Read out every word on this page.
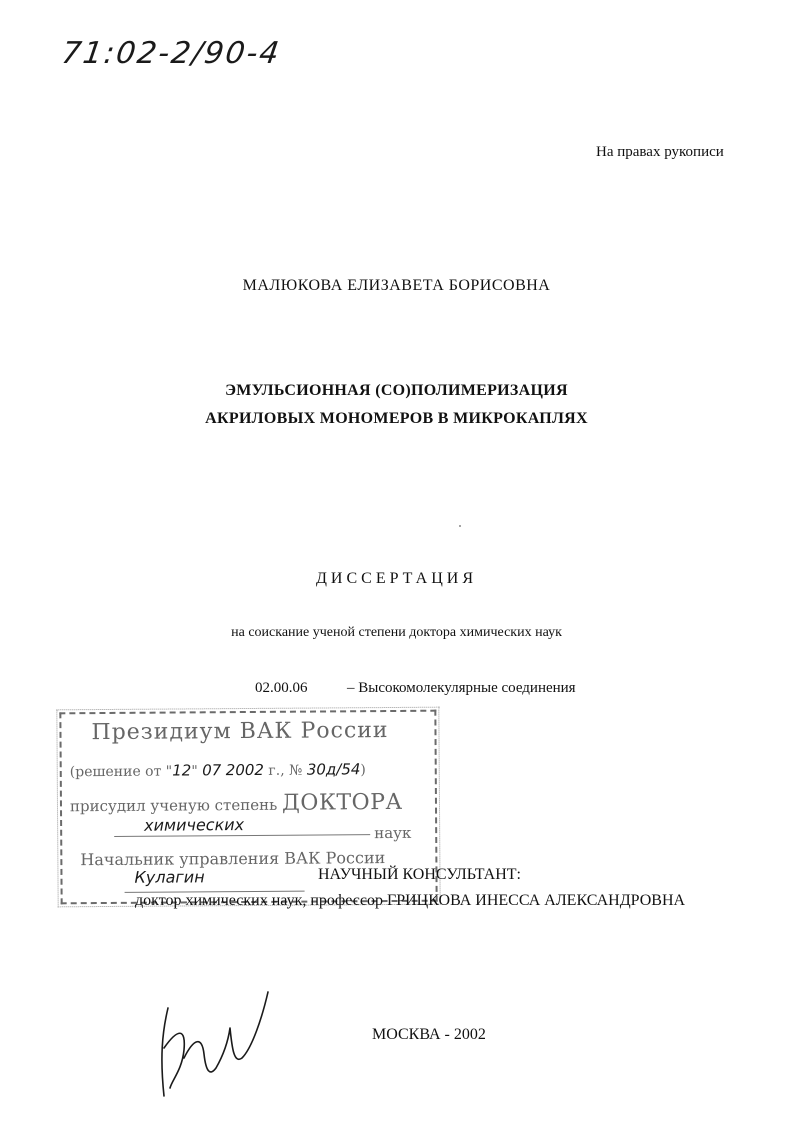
71:02-2/90-4
На правах рукописи
МАЛЮКОВА ЕЛИЗАВЕТА БОРИСОВНА
ЭМУЛЬСИОННАЯ (СО)ПОЛИМЕРИЗАЦИЯ
АКРИЛОВЫХ МОНОМЕРОВ В МИКРОКАПЛЯХ
ДИССЕРТАЦИЯ
на соискание ученой степени доктора химических наук
02.00.06	– Высокомолекулярные соединения
Президиум ВАК России
(решение от "12" 07 2002 г., № 30д/54)
присудил ученую степень ДОКТОРА
химических	наук
Начальник управления ВАК России
Кулагин	НАУЧНЫЙ КОНСУЛЬТАНТ:
доктор химических наук, профессор ГРИЦКОВА ИНЕССА АЛЕКСАНДРОВНА
МОСКВА - 2002
